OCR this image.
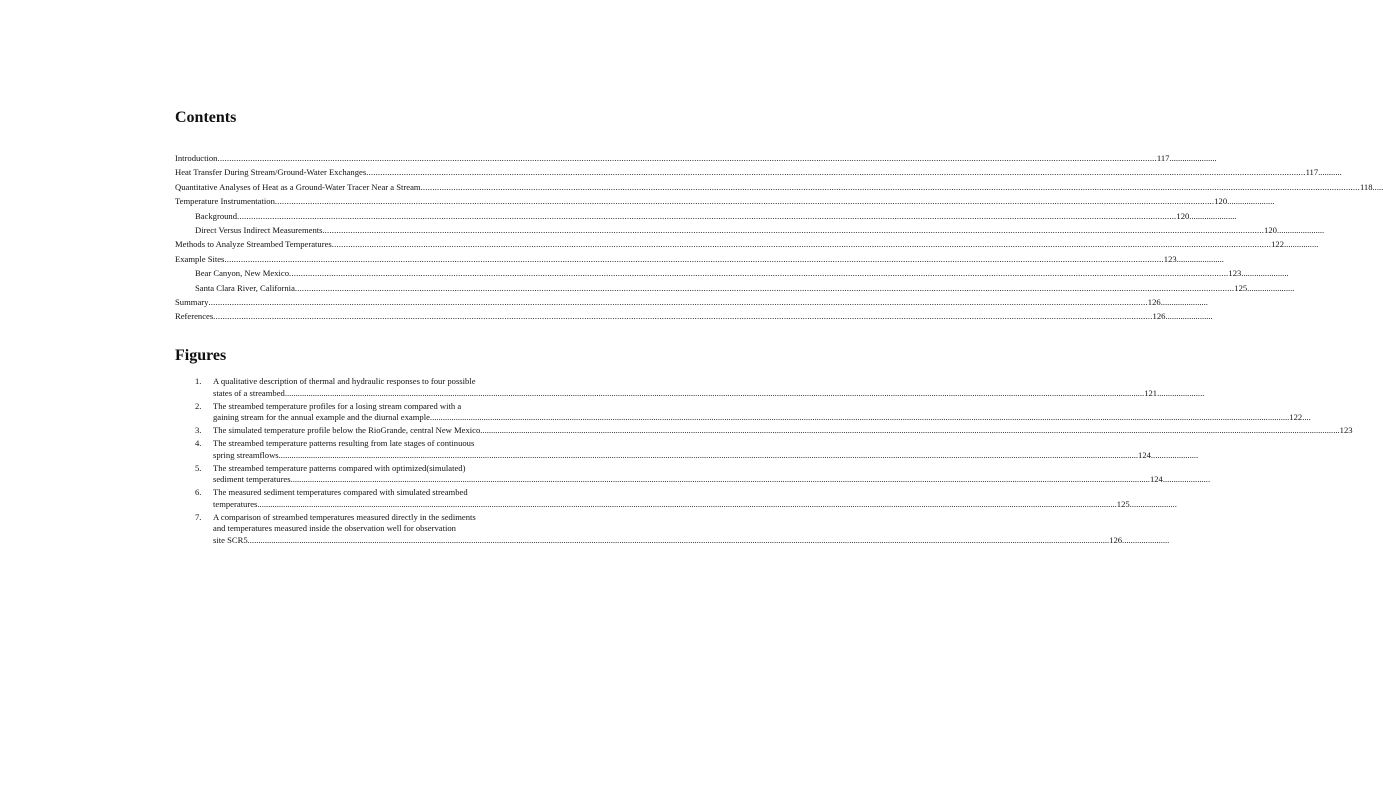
Contents
Introduction ................................................................................................................................................................................................................................................................................................................................................................................................................ 117 ......................
Heat Transfer During Stream/Ground-Water Exchanges ................................................................................................................................................................................................................................................................................................................................................................................................................ 117 ...........
Quantitative Analyses of Heat as a Ground-Water Tracer Near a Stream ................................................................................................................................................................................................................................................................................................................................................................................................................ 118 .....
Temperature Instrumentation ................................................................................................................................................................................................................................................................................................................................................................................................................ 120 ......................
Background ................................................................................................................................................................................................................................................................................................................................................................................................................ 120 ......................
Direct Versus Indirect Measurements. ................................................................................................................................................................................................................................................................................................................................................................................................................ 120 ......................
Methods to Analyze Streambed Temperatures ................................................................................................................................................................................................................................................................................................................................................................................................................ 122 ................
Example Sites ................................................................................................................................................................................................................................................................................................................................................................................................................ 123 ......................
Bear Canyon, New Mexico ................................................................................................................................................................................................................................................................................................................................................................................................................ 123 ......................
Santa Clara River, California ................................................................................................................................................................................................................................................................................................................................................................................................................ 125 ......................
Summary ................................................................................................................................................................................................................................................................................................................................................................................................................ 126 ......................
References ................................................................................................................................................................................................................................................................................................................................................................................................................ 126 ......................
Figures
1.	A qualitative description of thermal and hydraulic responses to four possible
states of a streambed ................................................................................................................................................................................................................................................................................................................................................................................................................ 121 ......................
2.	The streambed temperature profiles for a losing stream compared with a
gaining stream for the annual example and the diurnal example ................................................................................................................................................................................................................................................................................................................................................................................................................ 122 ....
3.	The simulated temperature profile below the RioGrande, central New Mexico ................................................................................................................................................................................................................................................................................................................................................................................................................ 123
4.	The streambed temperature patterns resulting from late stages of continuous
spring streamflows ................................................................................................................................................................................................................................................................................................................................................................................................................ 124 ......................
5.	The streambed temperature patterns compared with optimized(simulated)
sediment temperatures ................................................................................................................................................................................................................................................................................................................................................................................................................ 124 ......................
6.	The measured sediment temperatures compared with simulated streambed
temperatures ................................................................................................................................................................................................................................................................................................................................................................................................................ 125 ......................
7.	A comparison of streambed temperatures measured directly in the sediments
and temperatures measured inside the observation well for observation
site SCR5. ................................................................................................................................................................................................................................................................................................................................................................................................................ 126 ......................
